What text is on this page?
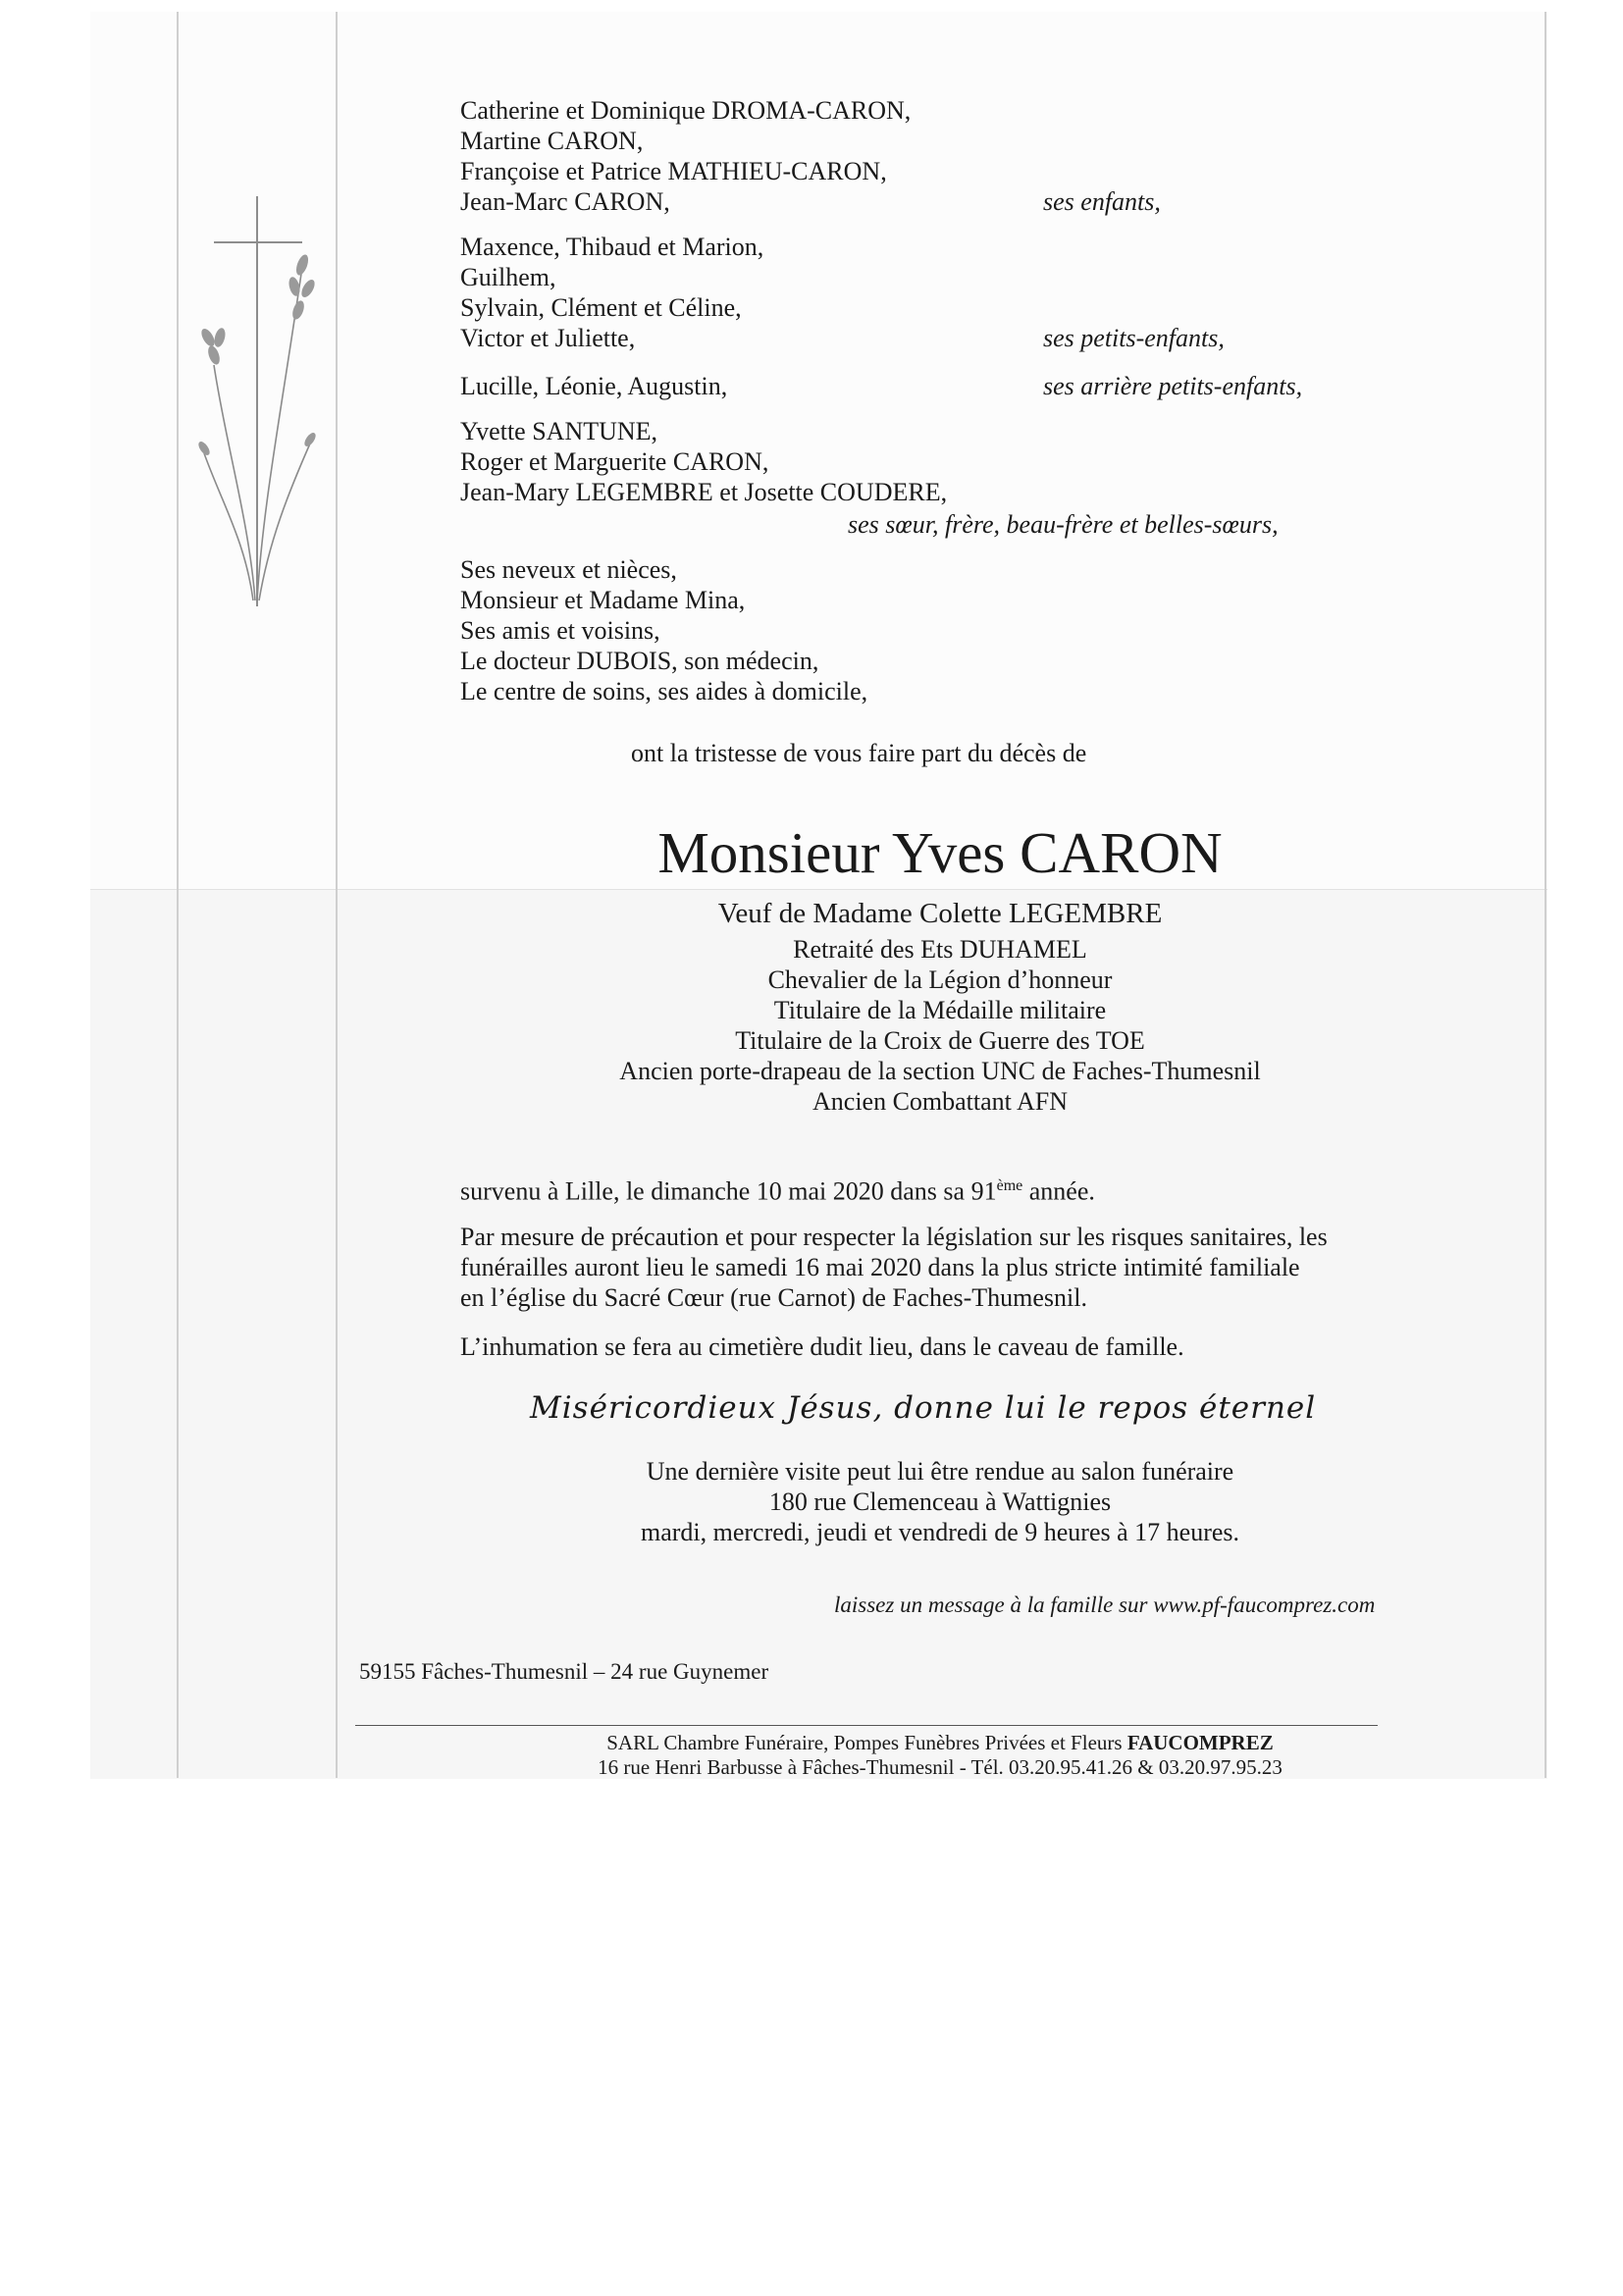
Catherine et Dominique DROMA-CARON,
Martine CARON,
Françoise et Patrice MATHIEU-CARON,
Jean-Marc CARON,	ses enfants,
Maxence, Thibaud et Marion,
Guilhem,
Sylvain, Clément et Céline,
Victor et Juliette,	ses petits-enfants,
Lucille, Léonie, Augustin,	ses arrière petits-enfants,
Yvette SANTUNE,
Roger et Marguerite CARON,
Jean-Mary LEGEMBRE et Josette COUDERE,
ses sœur, frère, beau-frère et belles-sœurs,
Ses neveux et nièces,
Monsieur et Madame Mina,
Ses amis et voisins,
Le docteur DUBOIS, son médecin,
Le centre de soins, ses aides à domicile,
ont la tristesse de vous faire part du décès de
Monsieur Yves CARON
Veuf de Madame Colette LEGEMBRE
Retraité des Ets DUHAMEL
Chevalier de la Légion d’honneur
Titulaire de la Médaille militaire
Titulaire de la Croix de Guerre des TOE
Ancien porte-drapeau de la section UNC de Faches-Thumesnil
Ancien Combattant AFN
survenu à Lille, le dimanche 10 mai 2020 dans sa 91ème année.
Par mesure de précaution et pour respecter la législation sur les risques sanitaires, les
funérailles auront lieu le samedi 16 mai 2020 dans la plus stricte intimité familiale
en l’église du Sacré Cœur (rue Carnot) de Faches-Thumesnil.
L’inhumation se fera au cimetière dudit lieu, dans le caveau de famille.
Miséricordieux Jésus, donne lui le repos éternel
Une dernière visite peut lui être rendue au salon funéraire
180 rue Clemenceau à Wattignies
mardi, mercredi, jeudi et vendredi de 9 heures à 17 heures.
laissez un message à la famille sur www.pf-faucomprez.com
59155 Fâches-Thumesnil – 24 rue Guynemer
SARL Chambre Funéraire, Pompes Funèbres Privées et Fleurs FAUCOMPREZ
16 rue Henri Barbusse à Fâches-Thumesnil - Tél. 03.20.95.41.26 & 03.20.97.95.23
